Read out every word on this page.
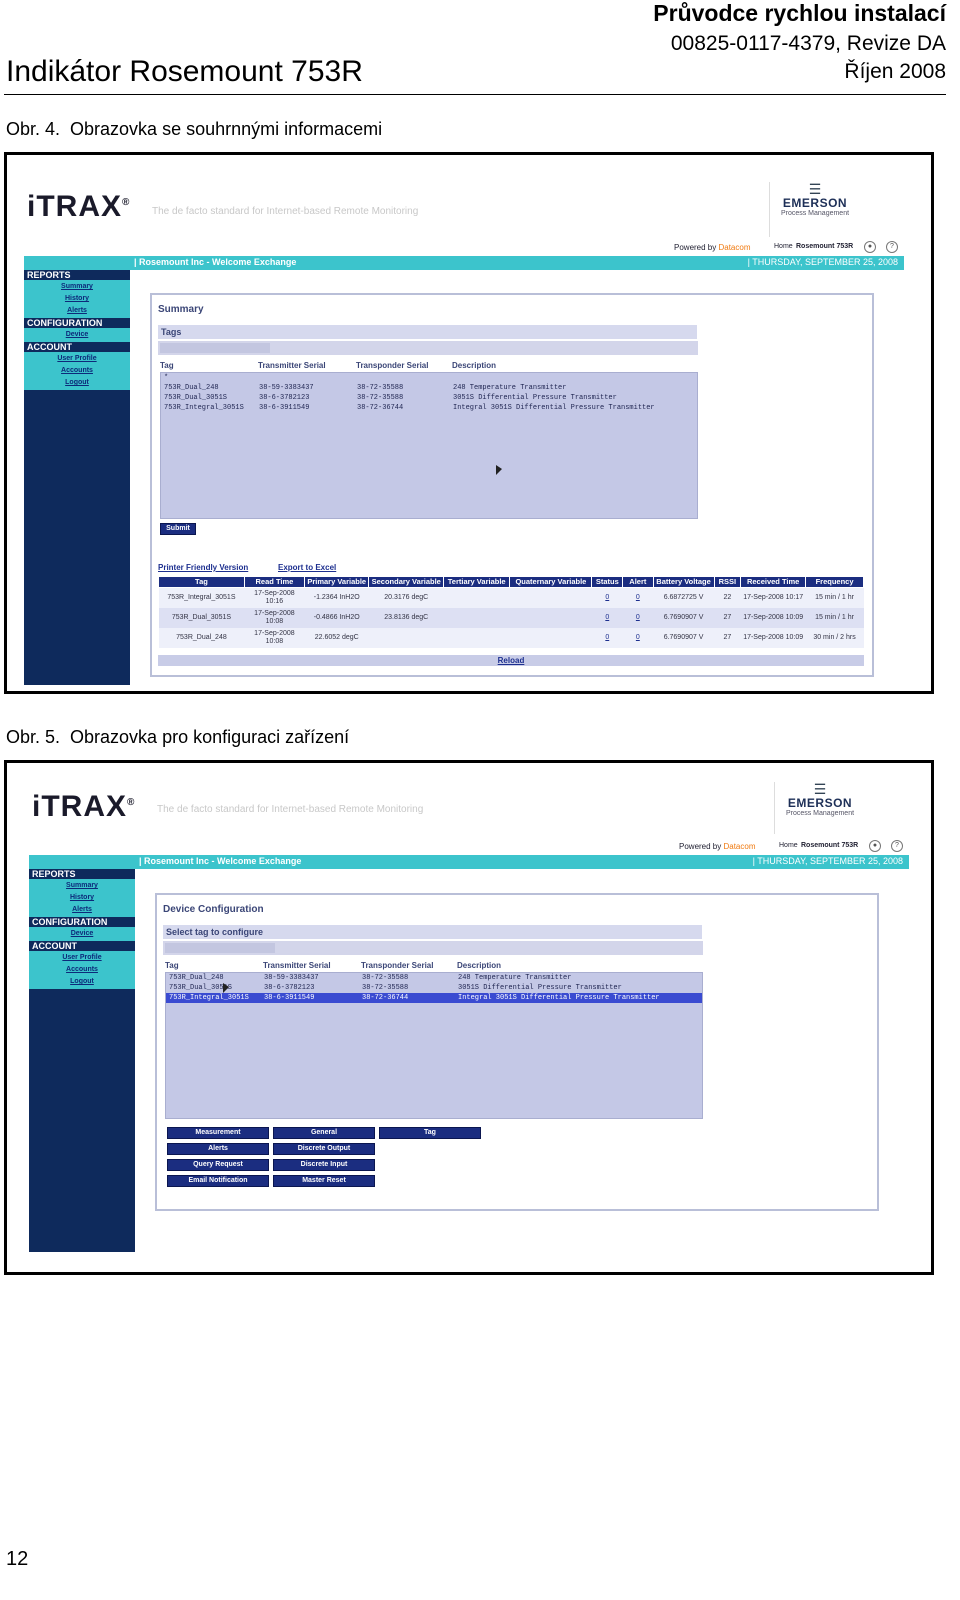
Průvodce rychlou instalací
00825-0117-4379, Revize DA
Říjen 2008
Indikátor Rosemount 753R
Obr. 4.  Obrazovka se souhrnnými informacemi
iTRAX®
The de facto standard for Internet-based Remote Monitoring
☰
EMERSON
Process Management
Powered by Datacom	Home Rosemount 753R	●	?
| Rosemount Inc - Welcome Exchange	| THURSDAY, SEPTEMBER 25, 2008
REPORTS
Summary
History
Alerts
CONFIGURATION
Device
ACCOUNT
User Profile
Accounts
Logout
Summary
Tags
Tag	Transmitter Serial	Transponder Serial	Description
*
753R_Dual_248	38-59-3383437	38-72-35588	248 Temperature Transmitter

753R_Dual_3051S	38-6-3782123	38-72-35588	3051S Differential Pressure Transmitter

753R_Integral_3051S 38-6-3911549	38-72-36744	Integral 3051S Differential Pressure Transmitter

Submit
Printer Friendly Version	Export to Excel
Tag	Read Time	Primary Variable	Secondary Variable	Tertiary Variable	Quaternary Variable	Status	Alert	Battery Voltage	RSSI	Received Time	Frequency
753R_Integral_3051S	17-Sep-2008 10:16	-1.2364 InH2O	20.3176 degC			0	0	6.6872725 V	22	17-Sep-2008 10:17	15 min / 1 hr
753R_Dual_3051S	17-Sep-2008 10:08	-0.4866 InH2O	23.8136 degC			0	0	6.7690907 V	27	17-Sep-2008 10:09	15 min / 1 hr
753R_Dual_248	17-Sep-2008 10:08	22.6052 degC				0	0	6.7690907 V	27	17-Sep-2008 10:09	30 min / 2 hrs
Reload
Obr. 5.  Obrazovka pro konfiguraci zařízení
iTRAX®
The de facto standard for Internet-based Remote Monitoring
☰
EMERSON
Process Management
Powered by Datacom	Home Rosemount 753R	●	?
| Rosemount Inc - Welcome Exchange	| THURSDAY, SEPTEMBER 25, 2008
REPORTS
Summary
History
Alerts
CONFIGURATION
Device
ACCOUNT
User Profile
Accounts
Logout
Device Configuration
Select tag to configure
Tag	Transmitter Serial	Transponder Serial	Description
753R_Dual_248	38-59-3383437	38-72-35588	248 Temperature Transmitter

753R_Dual_3051S	38-6-3782123	38-72-35588	3051S Differential Pressure Transmitter

753R_Integral_3051S 38-6-3911549	38-72-36744	Integral 3051S Differential Pressure Transmitter

Measurement	General	Tag
Alerts	Discrete Output
Query Request	Discrete Input
Email Notification	Master Reset
12
